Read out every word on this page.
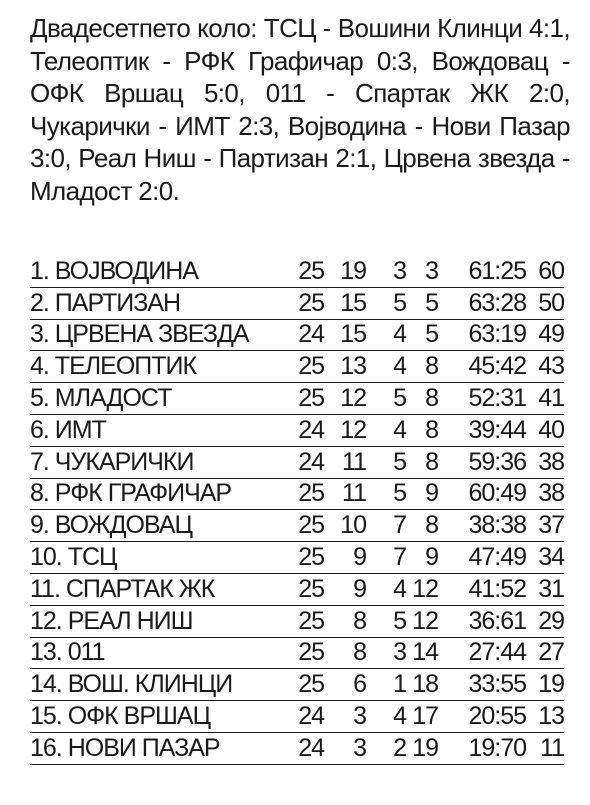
Двадесетпето коло: ТСЦ - Вошини Клинци 4:1, Телеоптик - РФК Графичар 0:3, Вождовац - ОФК Вршац 5:0, 011 - Спартак ЖК 2:0, Чукарички - ИМТ 2:3, Војводина - Нови Пазар 3:0, Реал Ниш - Партизан 2:1, Црвена звезда - Младост 2:0.

1. ВОЈВОДИНА	25 19	3 3	61:25 60
2. ПАРТИЗАН	25 15	5 5	63:28 50
3. ЦРВЕНА ЗВЕЗДА	24 15	4 5	63:19 49
4. ТЕЛЕОПТИК	25 13	4 8	45:42 43
5. МЛАДОСТ	25 12	5 8	52:31 41
6. ИМТ	24 12	4 8	39:44 40
7. ЧУКАРИЧКИ	24 11	5 8	59:36 38
8. РФК ГРАФИЧАР	25 11	5 9	60:49 38
9. ВОЖДОВАЦ	25 10	7 8	38:38 37
10. ТСЦ	25	9	7 9	47:49 34
11. СПАРТАК ЖК	25	9	4 12	41:52 31
12. РЕАЛ НИШ	25	8	5 12	36:61 29
13. 011	25	8	3 14	27:44 27
14. ВОШ. КЛИНЦИ	25	6	1 18	33:55 19
15. ОФК ВРШАЦ	24	3	4 17	20:55 13
16. НОВИ ПАЗАР	24	3	2 19	19:70 11
